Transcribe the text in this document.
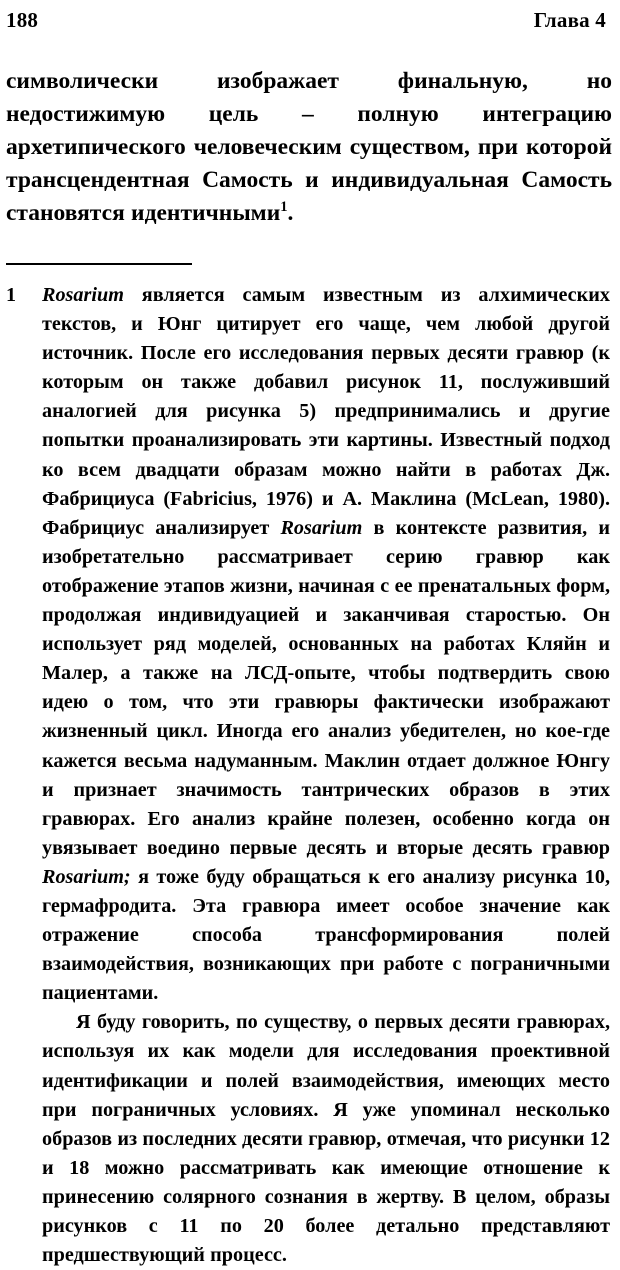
188	Глава 4

символически изображает финальную, но недостижимую цель – полную интеграцию архетипического человеческим существом, при которой трансцендентная Самость и индивидуальная Самость становятся идентичными$^1$.

1	Rosarium является самым известным из алхимических текстов, и Юнг цитирует его чаще, чем любой другой источник. После его исследования первых десяти гравюр (к которым он также добавил рисунок 11, послуживший аналогией для рисунка 5) предпринимались и другие попытки проанализировать эти картины. Известный подход ко всем двадцати образам можно найти в работах Дж. Фабрициуса (Fabricius, 1976) и А. Маклина (McLean, 1980). Фабрициус анализирует Rosarium в контексте развития, и изобретательно рассматривает серию гравюр как отображение этапов жизни, начиная с ее пренатальных форм, продолжая индивидуацией и заканчивая старостью. Он использует ряд моделей, основанных на работах Кляйн и Малер, а также на ЛСД-опыте, чтобы подтвердить свою идею о том, что эти гравюры фактически изображают жизненный цикл. Иногда его анализ убедителен, но кое-где кажется весьма надуманным. Маклин отдает должное Юнгу и признает значимость тантрических образов в этих гравюрах. Его анализ крайне полезен, особенно когда он увязывает воедино первые десять и вторые десять гравюр Rosarium; я тоже буду обращаться к его анализу рисунка 10, гермафродита. Эта гравюра имеет особое значение как отражение способа трансформирования полей взаимодействия, возникающих при работе с пограничными пациентами.

Я буду говорить, по существу, о первых десяти гравюрах, используя их как модели для исследования проективной идентификации и полей взаимодействия, имеющих место при пограничных условиях. Я уже упоминал несколько образов из последних десяти гравюр, отмечая, что рисунки 12 и 18 можно рассматривать как имеющие отношение к принесению солярного сознания в жертву. В целом, образы рисунков с 11 по 20 более детально представляют предшествующий процесс.
